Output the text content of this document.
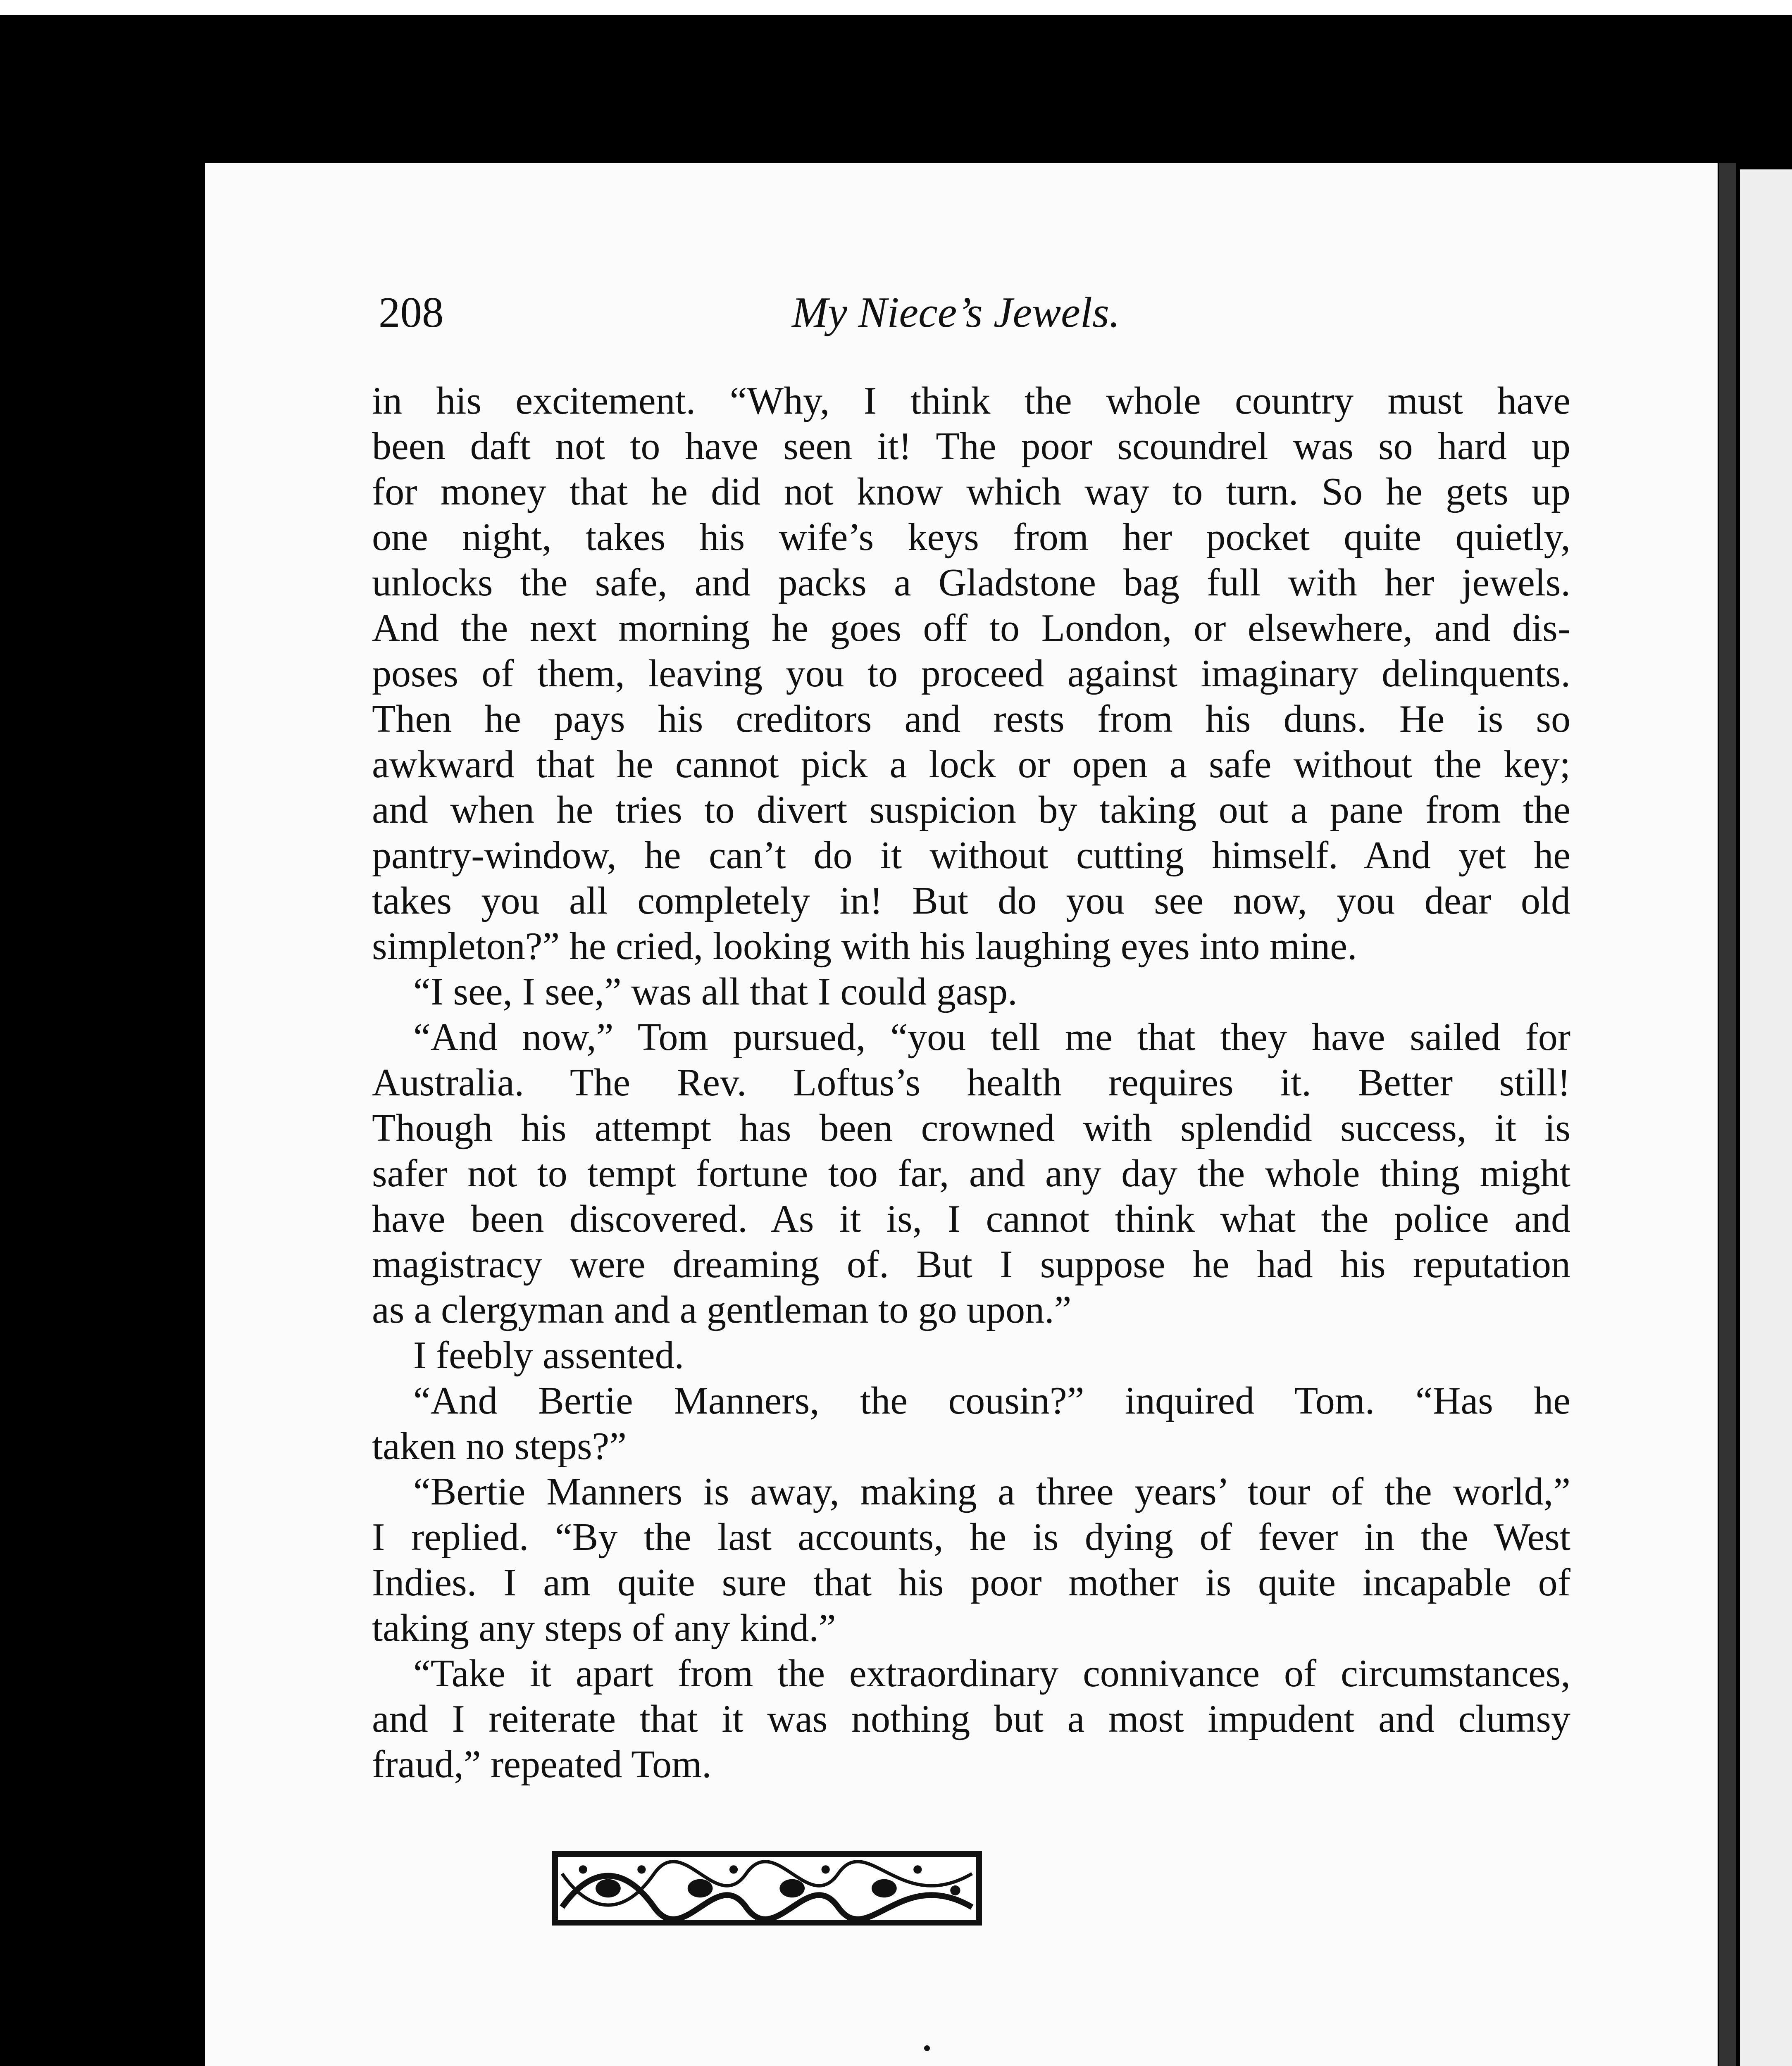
208	My Niece’s Jewels.

in his excitement. “Why, I think the whole country must have

been daft not to have seen it! The poor scoundrel was so hard up

for money that he did not know which way to turn. So he gets up

one night, takes his wife’s keys from her pocket quite quietly,

unlocks the safe, and packs a Gladstone bag full with her jewels.

And the next morning he goes off to London, or elsewhere, and dis-

poses of them, leaving you to proceed against imaginary delinquents.

Then he pays his creditors and rests from his duns. He is so

awkward that he cannot pick a lock or open a safe without the key;

and when he tries to divert suspicion by taking out a pane from the

pantry-window, he can’t do it without cutting himself. And yet he

takes you all completely in! But do you see now, you dear old

simpleton?” he cried, looking with his laughing eyes into mine.

“I see, I see,” was all that I could gasp.

“And now,” Tom pursued, “you tell me that they have sailed for

Australia. The Rev. Loftus’s health requires it. Better still!

Though his attempt has been crowned with splendid success, it is

safer not to tempt fortune too far, and any day the whole thing might

have been discovered. As it is, I cannot think what the police and

magistracy were dreaming of. But I suppose he had his reputation

as a clergyman and a gentleman to go upon.”

I feebly assented.

“And Bertie Manners, the cousin?” inquired Tom. “Has he

taken no steps?”

“Bertie Manners is away, making a three years’ tour of the world,”

I replied. “By the last accounts, he is dying of fever in the West

Indies. I am quite sure that his poor mother is quite incapable of

taking any steps of any kind.”

“Take it apart from the extraordinary connivance of circumstances,

and I reiterate that it was nothing but a most impudent and clumsy

fraud,” repeated Tom.
